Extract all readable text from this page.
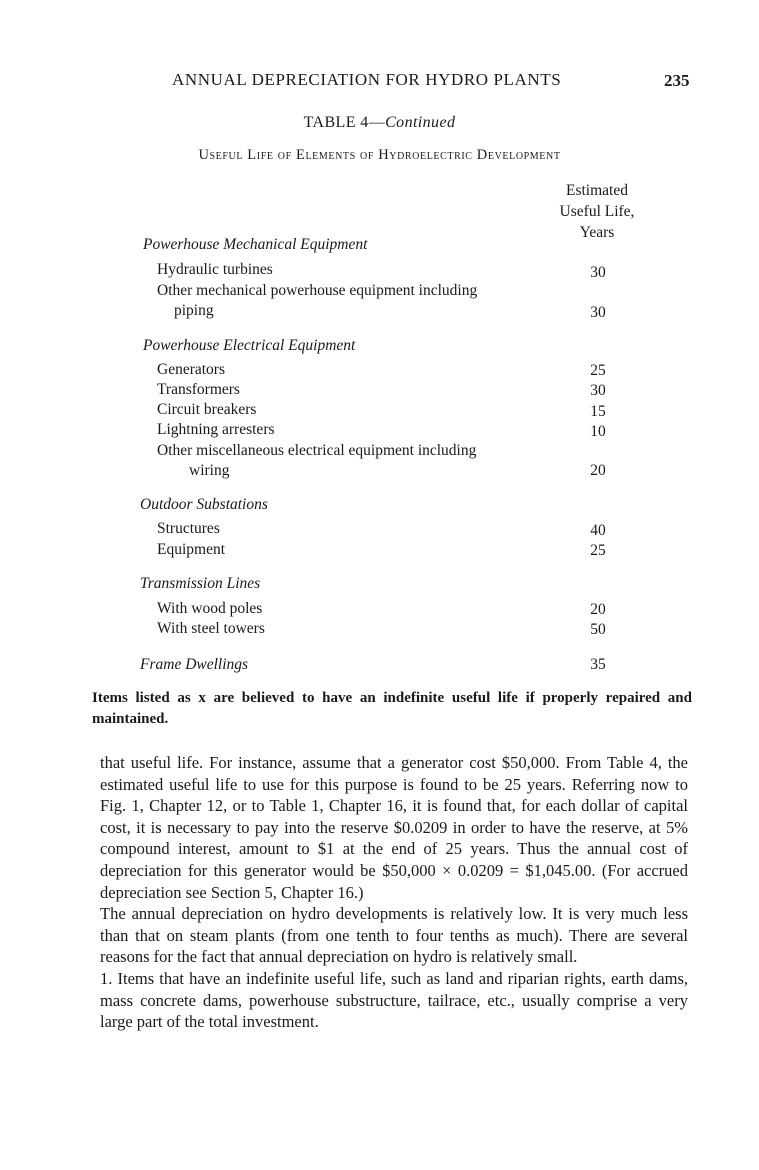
ANNUAL DEPRECIATION FOR HYDRO PLANTS	235
TABLE 4—Continued
Useful Life of Elements of Hydroelectric Development
Estimated Useful Life, Years
Powerhouse Mechanical Equipment
Hydraulic turbines	30
Other mechanical powerhouse equipment including
piping	30
Powerhouse Electrical Equipment
Generators	25
Transformers	30
Circuit breakers	15
Lightning arresters	10
Other miscellaneous electrical equipment including
wiring	20
Outdoor Substations
Structures	40
Equipment	25
Transmission Lines
With wood poles	20
With steel towers	50
Frame Dwellings	35
Items listed as x are believed to have an indefinite useful life if properly repaired and maintained.

that useful life. For instance, assume that a generator cost $50,000. From Table 4, the estimated useful life to use for this purpose is found to be 25 years. Referring now to Fig. 1, Chapter 12, or to Table 1, Chapter 16, it is found that, for each dollar of capital cost, it is necessary to pay into the reserve $0.0209 in order to have the reserve, at 5% compound interest, amount to $1 at the end of 25 years. Thus the annual cost of depreciation for this generator would be $50,000 × 0.0209 = $1,045.00. (For accrued depreciation see Section 5, Chapter 16.)

The annual depreciation on hydro developments is relatively low. It is very much less than that on steam plants (from one tenth to four tenths as much). There are several reasons for the fact that annual depreciation on hydro is relatively small.

1. Items that have an indefinite useful life, such as land and riparian rights, earth dams, mass concrete dams, powerhouse substructure, tailrace, etc., usually comprise a very large part of the total investment.
